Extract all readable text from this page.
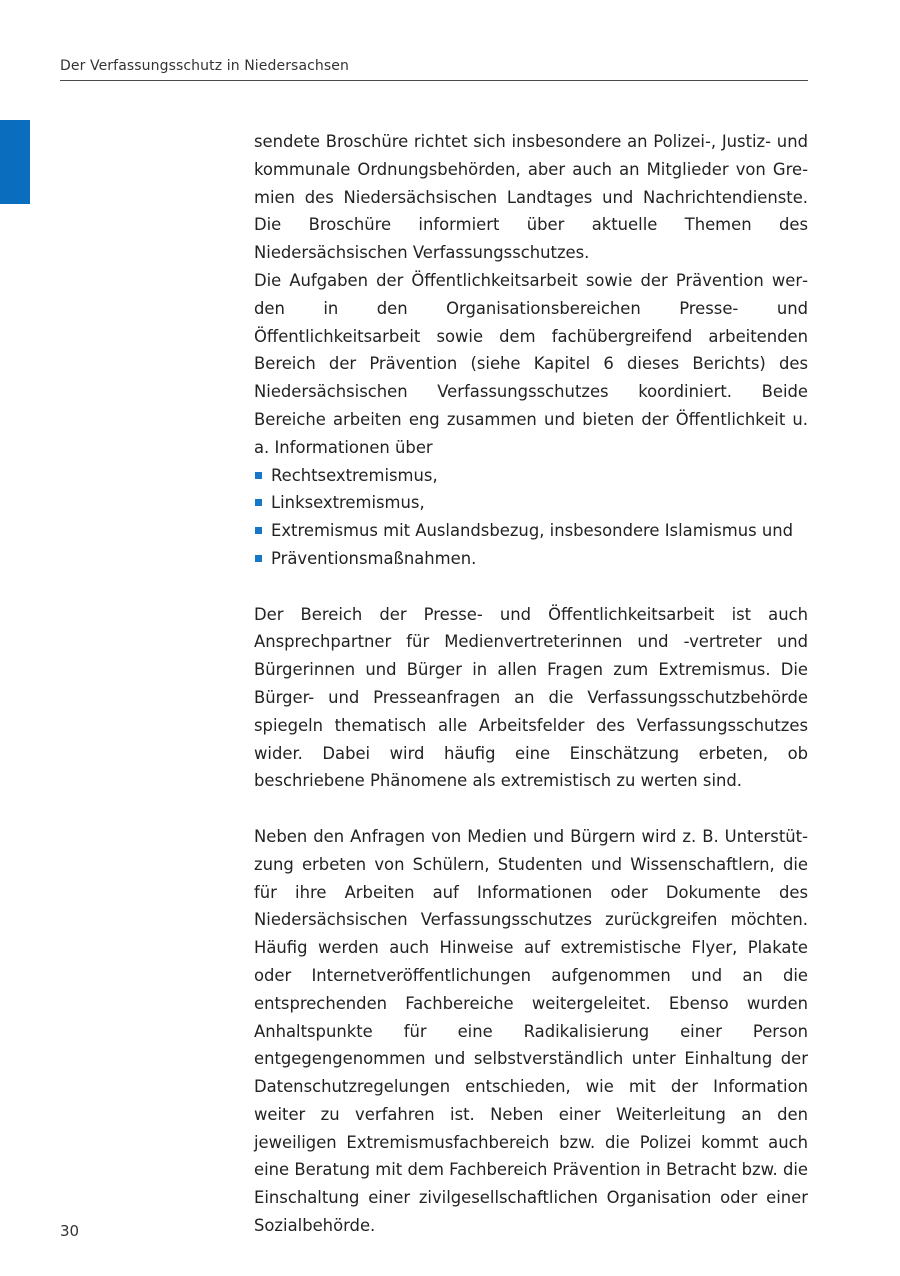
Der Verfassungsschutz in Niedersachsen

sendete Broschüre richtet sich insbesondere an Polizei-, Justiz- und kommunale Ordnungsbehörden, aber auch an Mitglieder von Gremien des Niedersächsischen Landtages und Nachrichtendienste. Die Broschüre informiert über aktuelle Themen des Niedersächsischen Verfassungsschutzes.

Die Aufgaben der Öffentlichkeitsarbeit sowie der Prävention werden in den Organisationsbereichen Presse- und Öffentlichkeitsarbeit sowie dem fachübergreifend arbeitenden Bereich der Prävention (siehe Kapitel 6 dieses Berichts) des Niedersächsischen Verfassungsschutzes koordiniert. Beide Bereiche arbeiten eng zusammen und bieten der Öffentlichkeit u. a. Informationen über

Rechtsextremismus,
Linksextremismus,
Extremismus mit Auslandsbezug, insbesondere Islamismus und
Präventionsmaßnahmen.

Der Bereich der Presse- und Öffentlichkeitsarbeit ist auch Ansprechpartner für Medienvertreterinnen und -vertreter und Bürgerinnen und Bürger in allen Fragen zum Extremismus. Die Bürger- und Presseanfragen an die Verfassungsschutzbehörde spiegeln thematisch alle Arbeitsfelder des Verfassungsschutzes wider. Dabei wird häufig eine Einschätzung erbeten, ob beschriebene Phänomene als extremistisch zu werten sind.

Neben den Anfragen von Medien und Bürgern wird z. B. Unterstützung erbeten von Schülern, Studenten und Wissenschaftlern, die für ihre Arbeiten auf Informationen oder Dokumente des Niedersächsischen Verfassungsschutzes zurückgreifen möchten. Häufig werden auch Hinweise auf extremistische Flyer, Plakate oder Internetveröffentlichungen aufgenommen und an die entsprechenden Fachbereiche weitergeleitet. Ebenso wurden Anhaltspunkte für eine Radikalisierung einer Person entgegengenommen und selbstverständlich unter Einhaltung der Datenschutzregelungen entschieden, wie mit der Information weiter zu verfahren ist. Neben einer Weiterleitung an den jeweiligen Extremismusfachbereich bzw. die Polizei kommt auch eine Beratung mit dem Fachbereich Prävention in Betracht bzw. die Einschaltung einer zivilgesellschaftlichen Organisation oder einer Sozialbehörde.

30
